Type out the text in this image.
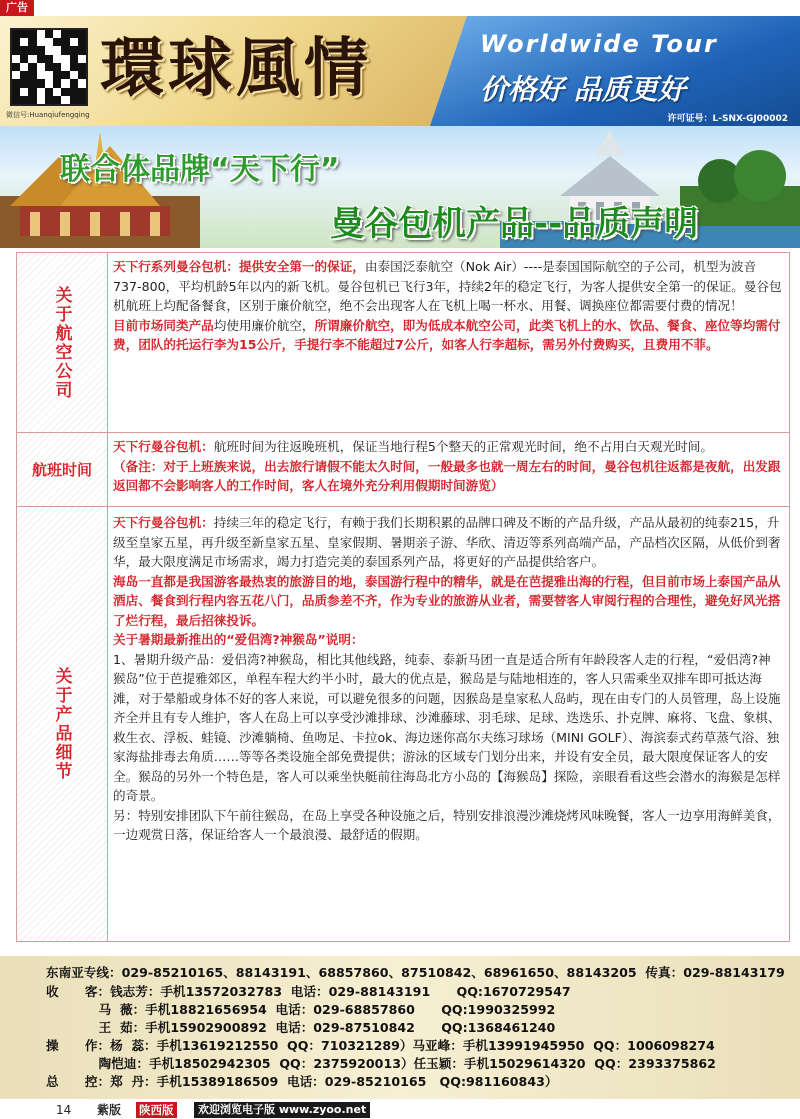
广告
微信号:Huanqiufengqing
環球風情	Worldwide Tour
价格好 品质更好
许可证号：L-SNX-GJ00002
联合体品牌“天下行”
曼谷包机产品--品质声明
关于航空公司

天下行系列曼谷包机：提供安全第一的保证，由泰国泛泰航空（Nok Air）----是泰国国际航空的子公司，机型为波音737-800，平均机龄5年以内的新飞机。曼谷包机已飞行3年，持续2年的稳定飞行，为客人提供安全第一的保证。曼谷包机航班上均配备餐食，区别于廉价航空，绝不会出现客人在飞机上喝一杯水、用餐、调换座位都需要付费的情况！

目前市场同类产品均使用廉价航空，所谓廉价航空，即为低成本航空公司，此类飞机上的水、饮品、餐食、座位等均需付费，团队的托运行李为15公斤，手提行李不能超过7公斤，如客人行李超标，需另外付费购买，且费用不菲。

航班时间

天下行曼谷包机：航班时间为往返晚班机，保证当地行程5个整天的正常观光时间，绝不占用白天观光时间。

（备注：对于上班族来说，出去旅行请假不能太久时间，一般最多也就一周左右的时间，曼谷包机往返都是夜航，出发跟返回都不会影响客人的工作时间，客人在境外充分利用假期时间游览）

关于产品细节

天下行曼谷包机：持续三年的稳定飞行，有赖于我们长期积累的品牌口碑及不断的产品升级，产品从最初的纯泰215，升级至皇家五星，再升级至新皇家五星、皇家假期、暑期亲子游、华欣、清迈等系列高端产品，产品档次区隔，从低价到奢华，最大限度满足市场需求，竭力打造完美的泰国系列产品，将更好的产品提供给客户。

海岛一直都是我国游客最热衷的旅游目的地，泰国游行程中的精华，就是在芭提雅出海的行程，但目前市场上泰国产品从酒店、餐食到行程内容五花八门，品质参差不齐，作为专业的旅游从业者，需要替客人审阅行程的合理性，避免好风光搭了烂行程，最后招徕投诉。

关于暑期最新推出的“爱侣湾?神猴岛”说明：

1、暑期升级产品：爱侣湾?神猴岛，相比其他线路，纯泰、泰新马团一直是适合所有年龄段客人走的行程，“爱侣湾?神猴岛”位于芭提雅郊区，单程车程大约半小时，最大的优点是，猴岛是与陆地相连的，客人只需乘坐双排车即可抵达海滩，对于晕船或身体不好的客人来说，可以避免很多的问题，因猴岛是皇家私人岛屿，现在由专门的人员管理，岛上设施齐全并且有专人维护，客人在岛上可以享受沙滩排球、沙滩藤球、羽毛球、足球、迭迭乐、扑克牌、麻将、飞盘、象棋、救生衣、浮板、蛙镜、沙滩躺椅、鱼吻足、卡拉ok、海边迷你高尔夫练习球场（MINI GOLF）、海滨泰式药草蒸气浴、独家海盐排毒去角质……等等各类设施全部免费提供；游泳的区域专门划分出来，并设有安全员，最大限度保证客人的安全。猴岛的另外一个特色是，客人可以乘坐快艇前往海岛北方小岛的【海猴岛】探险，亲眼看看这些会潜水的海猴是怎样的奇景。

另：特别安排团队下午前往猴岛，在岛上享受各种设施之后，特别安排浪漫沙滩烧烤风味晚餐，客人一边享用海鲜美食，一边观赏日落，保证给客人一个最浪漫、最舒适的假期。

东南亚专线：029-85210165、88143191、68857860、87510842、68961650、88143205  传真：029-88143179
收      客：钱志芳：手机13572032783  电话：029-88143191      QQ:1670729547
马  薇：手机18821656954  电话：029-68857860      QQ:1990325992
王  茹：手机15902900892  电话：029-87510842      QQ:1368461240
操      作：杨  蕊：手机13619212550  QQ：710321289）马亚峰：手机13991945950  QQ：1006098274
陶恺迪：手机18502942305  QQ：2375920013）任玉颖：手机15029614320  QQ：2393375862
总      控：郑  丹：手机15389186509  电话：029-85210165   QQ:981160843）
14 紫版 陕西版	欢迎浏览电子版 www.zyoo.net
